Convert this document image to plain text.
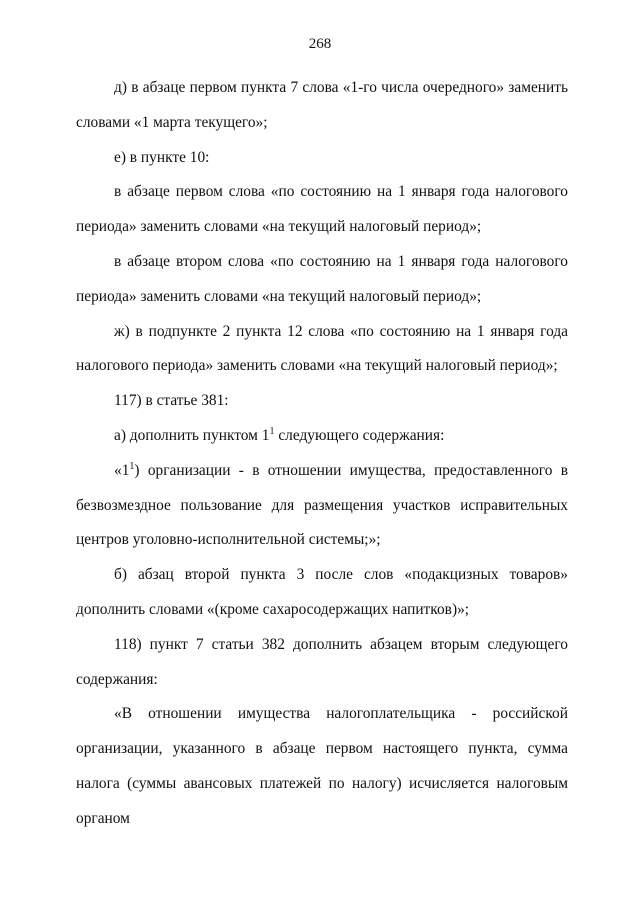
268

д) в абзаце первом пункта 7 слова «1-го числа очередного» заменить словами «1 марта текущего»;

е) в пункте 10:

в абзаце первом слова «по состоянию на 1 января года налогового периода» заменить словами «на текущий налоговый период»;

в абзаце втором слова «по состоянию на 1 января года налогового периода» заменить словами «на текущий налоговый период»;

ж) в подпункте 2 пункта 12 слова «по состоянию на 1 января года налогового периода» заменить словами «на текущий налоговый период»;

117) в статье 381:

а) дополнить пунктом $1^1$ следующего содержания:

«$1^1$) организации - в отношении имущества, предоставленного в безвозмездное пользование для размещения участков исправительных центров уголовно-исполнительной системы;»;

б) абзац второй пункта 3 после слов «подакцизных товаров» дополнить словами «(кроме сахаросодержащих напитков)»;

118) пункт 7 статьи 382 дополнить абзацем вторым следующего содержания:

«В отношении имущества налогоплательщика - российской организации, указанного в абзаце первом настоящего пункта, сумма налога (суммы авансовых платежей по налогу) исчисляется налоговым органом
